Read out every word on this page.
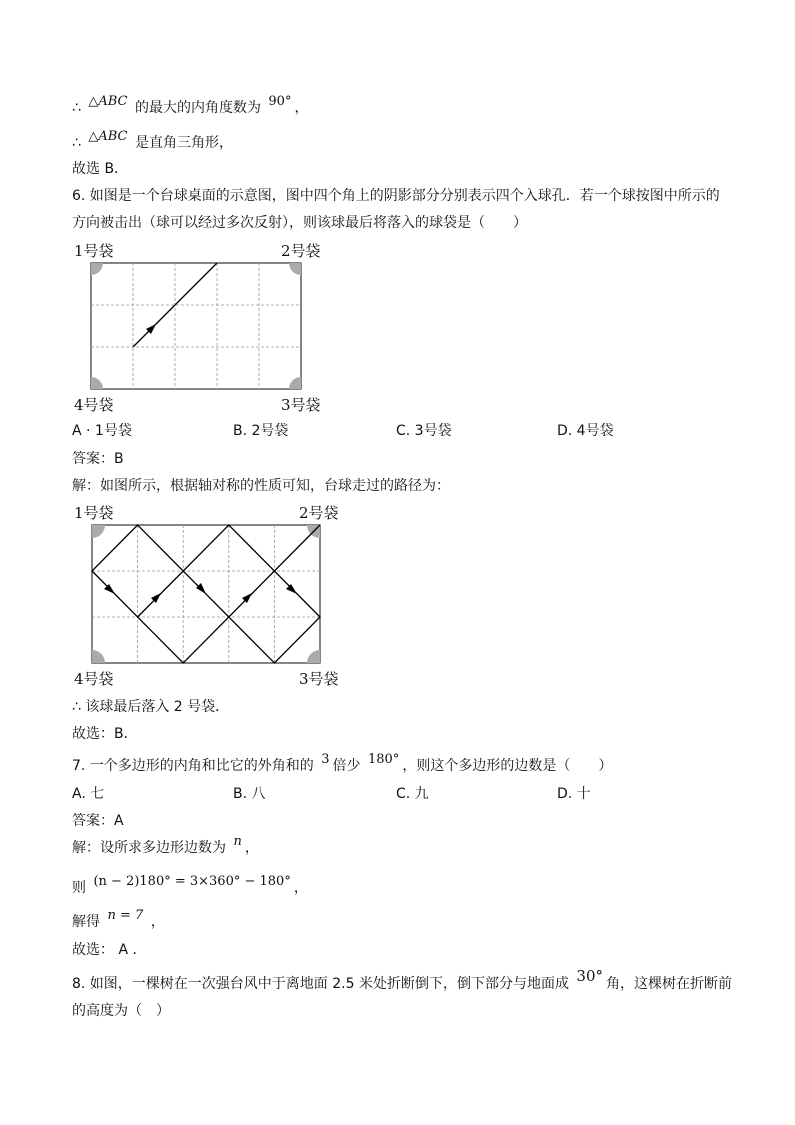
∴ △ABC 的最大的内角度数为 90° ，
∴ △ABC 是直角三角形，
故选 B．
6. 如图是一个台球桌面的示意图，图中四个角上的阴影部分分别表示四个入球孔．若一个球按图中所示的
方向被击出（球可以经过多次反射），则该球最后将落入的球袋是（　　）
1号袋	2号袋
4号袋	3号袋
A · 1号袋	B. 2号袋	C. 3号袋	D. 4号袋
答案：B
解：如图所示，根据轴对称的性质可知，台球走过的路径为：
1号袋	2号袋
4号袋	3号袋
∴ 该球最后落入 2 号袋．
故选：B．
7. 一个多边形的内角和比它的外角和的 3 倍少 180° ，则这个多边形的边数是（　　）
A. 七	B. 八	C. 九	D. 十
答案：A
解：设所求多边形边数为 n ，
则 (n − 2)180° = 3×360° − 180° ，
解得 n = 7 ，
故选： A ．
8. 如图，一棵树在一次强台风中于离地面 2.5 米处折断倒下，倒下部分与地面成 30° 角，这棵树在折断前
的高度为（　）
